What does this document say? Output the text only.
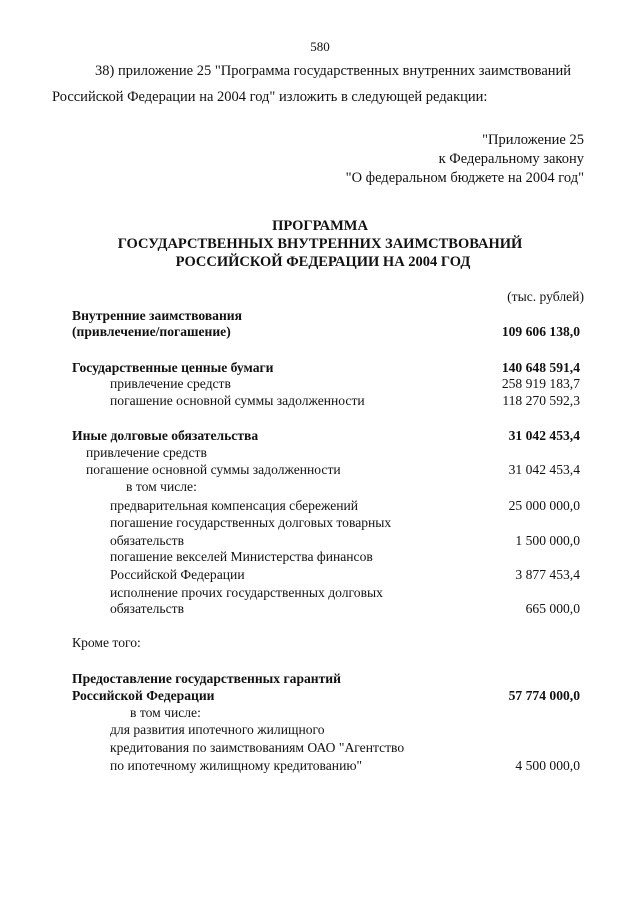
580
38) приложение 25 "Программа государственных внутренних заимствований
Российской Федерации на 2004 год" изложить в следующей редакции:
"Приложение 25
к Федеральному закону
"О федеральном бюджете на 2004 год"
ПРОГРАММА
ГОСУДАРСТВЕННЫХ ВНУТРЕННИХ ЗАИМСТВОВАНИЙ
РОССИЙСКОЙ ФЕДЕРАЦИИ НА 2004 ГОД
(тыс. рублей)
Внутренние заимствования
(привлечение/погашение)	109 606 138,0
Государственные ценные бумаги	140 648 591,4
привлечение средств	258 919 183,7
погашение основной суммы задолженности	118 270 592,3
Иные долговые обязательства	31 042 453,4
привлечение средств
погашение основной суммы задолженности	31 042 453,4
в том числе:
предварительная компенсация сбережений	25 000 000,0
погашение государственных долговых товарных
обязательств	1 500 000,0
погашение векселей Министерства финансов
Российской Федерации	3 877 453,4
исполнение прочих государственных долговых
обязательств	665 000,0
Кроме того:
Предоставление государственных гарантий
Российской Федерации	57 774 000,0
в том числе:
для развития ипотечного жилищного
кредитования по заимствованиям ОАО "Агентство
по ипотечному жилищному кредитованию"	4 500 000,0
